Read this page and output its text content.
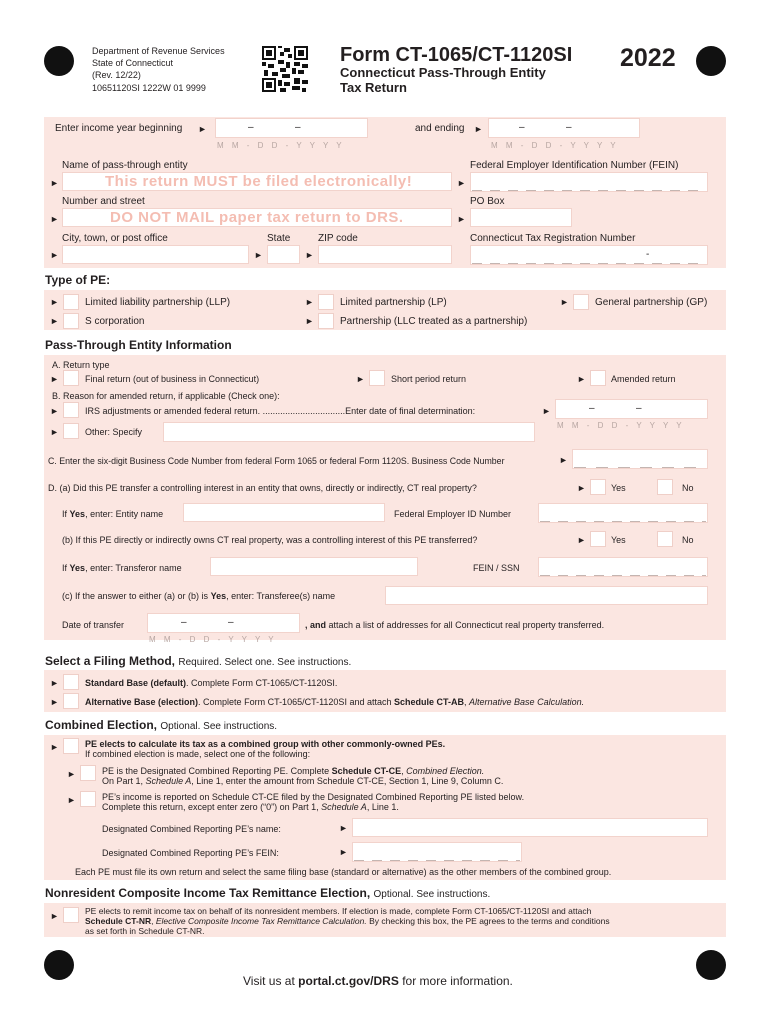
Department of Revenue Services
State of Connecticut
(Rev. 12/22)
10651120SI 1222W 01 9999
Form CT-1065/CT-1120SI
Connecticut Pass-Through Entity
Tax Return
2022
Enter income year beginning ►	–	–
M M - D D - Y Y Y Y
and ending ►	–	–
M M - D D - Y Y Y Y
Name of pass-through entity	Federal Employer Identification Number (FEIN)
►	This return MUST be filed electronically!	►
Number and street	PO Box
►	DO NOT MAIL paper tax return to DRS.	►
City, town, or post office	State	ZIP code	Connecticut Tax Registration Number
►	►	►	-
Type of PE:
►	Limited liability partnership (LLP)	►	Limited partnership (LP)	►	General partnership (GP)
►	S corporation	►	Partnership (LLC treated as a partnership)
Pass-Through Entity Information
A. Return type
►	Final return (out of business in Connecticut)	►	Short period return	►	Amended return
B. Reason for amended return, if applicable (Check one):
►	IRS adjustments or amended federal return. .................................Enter date of final determination:	►	–	–
M M - D D - Y Y Y Y
►	Other: Specify
C. Enter the six-digit Business Code Number from federal Form 1065 or federal Form 1120S. Business Code Number	►
D. (a) Did this PE transfer a controlling interest in an entity that owns, directly or indirectly, CT real property?	►	Yes	No
If Yes, enter: Entity name	Federal Employer ID Number
(b) If this PE directly or indirectly owns CT real property, was a controlling interest of this PE transferred?	►	Yes	No
If Yes, enter: Transferor name	FEIN / SSN
(c) If the answer to either (a) or (b) is Yes, enter: Transferee(s) name
Date of transfer	–	–
M M - D D - Y Y Y Y
, and attach a list of addresses for all Connecticut real property transferred.
Select a Filing Method, Required. Select one. See instructions.
►	Standard Base (default). Complete Form CT-1065/CT-1120SI.
►	Alternative Base (election). Complete Form CT-1065/CT-1120SI and attach Schedule CT-AB, Alternative Base Calculation.
Combined Election, Optional. See instructions.
►	PE elects to calculate its tax as a combined group with other commonly-owned PEs.
If combined election is made, select one of the following:
►	PE is the Designated Combined Reporting PE. Complete Schedule CT-CE, Combined Election.
On Part 1, Schedule A, Line 1, enter the amount from Schedule CT-CE, Section 1, Line 9, Column C.
►	PE’s income is reported on Schedule CT-CE filed by the Designated Combined Reporting PE listed below.
Complete this return, except enter zero (“0”) on Part 1, Schedule A, Line 1.
Designated Combined Reporting PE’s name:	►
Designated Combined Reporting PE’s FEIN:	►
Each PE must file its own return and select the same filing base (standard or alternative) as the other members of the combined group.
Nonresident Composite Income Tax Remittance Election, Optional. See instructions.
►	PE elects to remit income tax on behalf of its nonresident members. If election is made, complete Form CT-1065/CT-1120SI and attach
Schedule CT-NR, Elective Composite Income Tax Remittance Calculation. By checking this box, the PE agrees to the terms and conditions
as set forth in Schedule CT-NR.
Visit us at portal.ct.gov/DRS for more information.
